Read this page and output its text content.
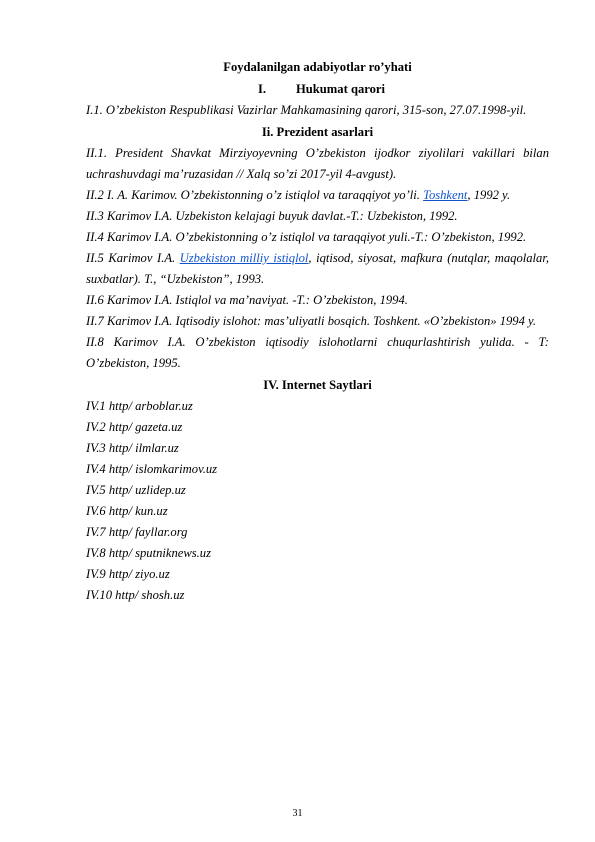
Foydalanilgan adabiyotlar ro’yhati
I.	Hukumat qarori
I.1. O’zbekiston Respublikasi Vazirlar Mahkamasining qarori, 315-son, 27.07.1998-yil.
Ii. Prezident asarlari
II.1. President Shavkat Mirziyoyevning O’zbekiston ijodkor ziyolilari vakillari bilan uchrashuvdagi ma’ruzasidan // Xalq so’zi 2017-yil 4-avgust).
II.2 I. A. Karimov. O’zbekistonning o’z istiqlol va taraqqiyot yo’li. Toshkent, 1992 y.
II.3 Karimov I.A. Uzbekiston kelajagi buyuk davlat.-T.: Uzbekiston, 1992.
II.4 Karimov I.A. O’zbekistonning o’z istiqlol va taraqqiyot yuli.-T.: O’zbekiston, 1992.
II.5 Karimov I.A. Uzbekiston milliy istiqlol, iqtisod, siyosat, mafkura (nutqlar, maqolalar, suxbatlar). T., “Uzbekiston”, 1993.
II.6 Karimov I.A. Istiqlol va ma’naviyat. -T.: O’zbekiston, 1994.
II.7 Karimov I.A. Iqtisodiy islohot: mas’uliyatli bosqich. Toshkent. «O’zbekiston» 1994 y.
II.8 Karimov I.A. O’zbekiston iqtisodiy islohotlarni chuqurlashtirish yulida. - T: O’zbekiston, 1995.
IV. Internet Saytlari
IV.1 http/ arboblar.uz
IV.2 http/ gazeta.uz
IV.3 http/ ilmlar.uz
IV.4 http/ islomkarimov.uz
IV.5 http/ uzlidep.uz
IV.6 http/ kun.uz
IV.7 http/ fayllar.org
IV.8 http/ sputniknews.uz
IV.9 http/ ziyo.uz
IV.10 http/ shosh.uz
31
